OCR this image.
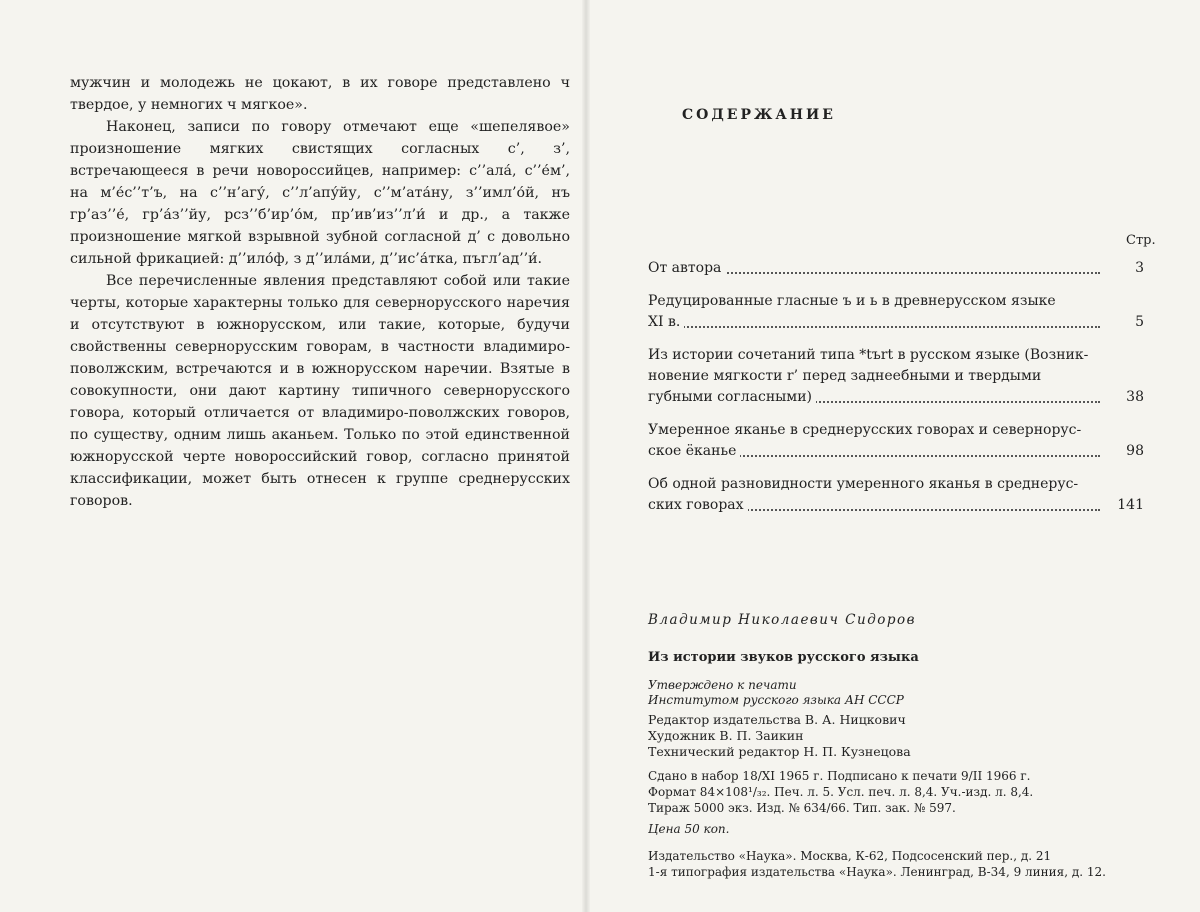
мужчин и молодежь не цокают, в их говоре представлено ч твердое, у немногих ч мягкое».

Наконец, записи по говору отмечают еще «шепелявое» произношение мягких свистящих согласных с’, з’, встречающееся в речи новороссийцев, например: с’’ала́, с’’е́м’, на м’е́с’’т’ъ, на с’’н’агу́, с’’л’апу́йу, с’’м’ата́ну, з’’имл’о́й, нъ гр’аз’’е́, гр’а́з’’йу, рсз’’б’ир’о́м, пр’ив’из’’л’и́ и др., а также произношение мягкой взрывной зубной согласной д’ с довольно сильной фрикацией: д’’ило́ф, з д’’ила́ми, д’’ис’а́тка, пъгл’ад’’и́.

Все перечисленные явления представляют собой или такие черты, которые характерны только для севернорусского наречия и отсутствуют в южнорусском, или такие, которые, будучи свойственны севернорусским говорам, в частности владимиро-поволжским, встречаются и в южнорусском наречии. Взятые в совокупности, они дают картину типичного севернорусского говора, который отличается от владимиро-поволжских говоров, по существу, одним лишь аканьем. Только по этой единственной южнорусской черте новороссийский говор, согласно принятой классификации, может быть отнесен к группе среднерусских говоров.

СОДЕРЖАНИЕ
Стр.
От автора	3
Редуцированные гласные ъ и ь в древнерусском языке
XI в.	5
Из истории сочетаний типа *tъrt в русском языке (Возник-
новение мягкости r’ перед заднеебными и твердыми
губными согласными)	38
Умеренное яканье в среднерусских говорах и севернорус-
ское ёканье	98
Об одной разновидности умеренного яканья в среднерус-
ских говорах	141
Владимир Николаевич Сидоров
Из истории звуков русского языка
Утверждено к печати
Институтом русского языка АН СССР
Редактор издательства В. А. Ницкович
Художник В. П. Заикин
Технический редактор Н. П. Кузнецова
Сдано в набор 18/XI 1965 г. Подписано к печати 9/II 1966 г.
Формат 84×108¹/₃₂. Печ. л. 5. Усл. печ. л. 8,4. Уч.-изд. л. 8,4.
Тираж 5000 экз. Изд. № 634/66. Тип. зак. № 597.
Цена 50 коп.
Издательство «Наука». Москва, К-62, Подсосенский пер., д. 21
1-я типография издательства «Наука». Ленинград, В-34, 9 линия, д. 12.
